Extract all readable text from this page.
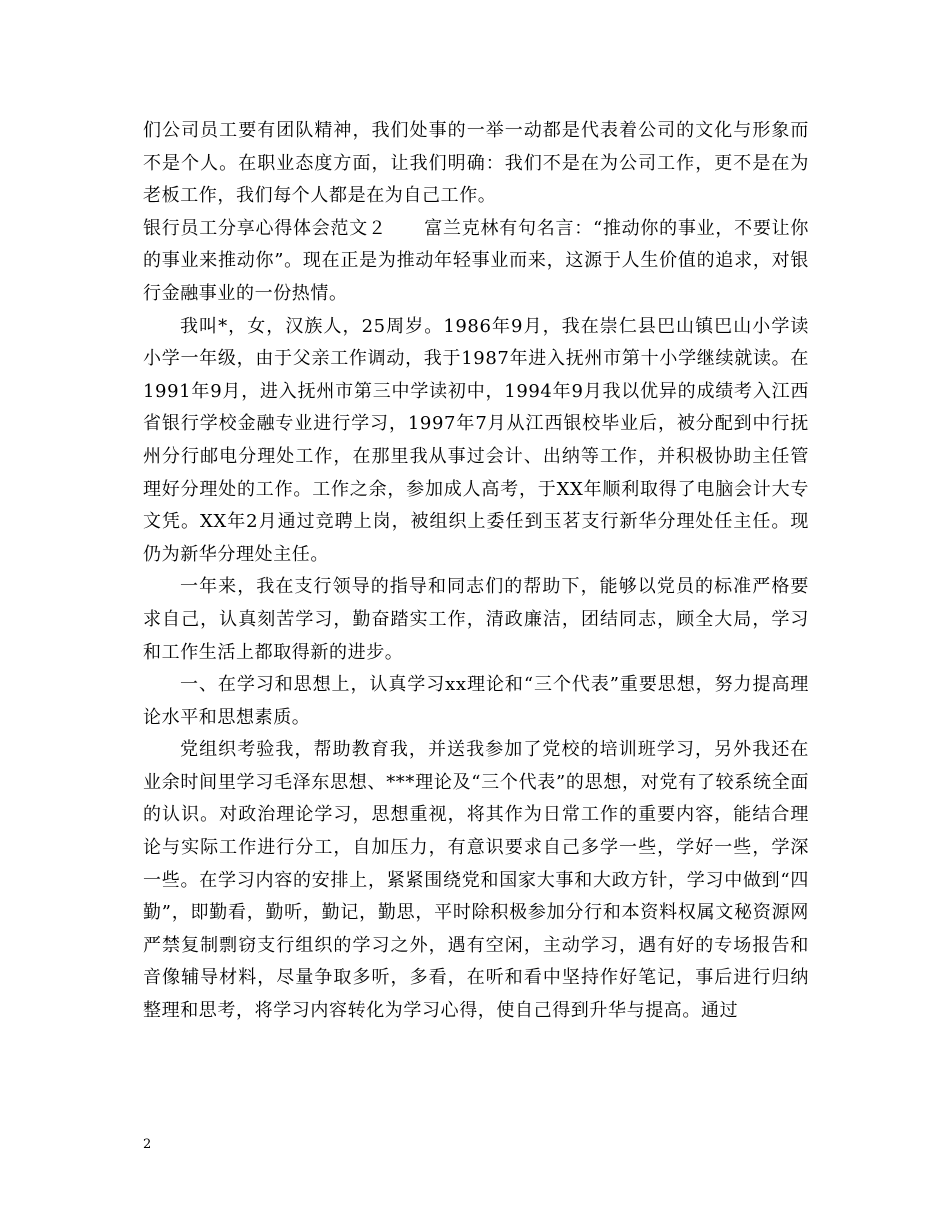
们公司员工要有团队精神，我们处事的一举一动都是代表着公司的文化与形象而不是个人。在职业态度方面，让我们明确：我们不是在为公司工作，更不是在为老板工作，我们每个人都是在为自己工作。

银行员工分享心得体会范文２　　富兰克林有句名言：“推动你的事业，不要让你的事业来推动你”。现在正是为推动年轻事业而来，这源于人生价值的追求，对银行金融事业的一份热情。

我叫*，女，汉族人，25周岁。1986年9月，我在崇仁县巴山镇巴山小学读小学一年级，由于父亲工作调动，我于1987年进入抚州市第十小学继续就读。在1991年9月，进入抚州市第三中学读初中，1994年9月我以优异的成绩考入江西省银行学校金融专业进行学习，1997年7月从江西银校毕业后，被分配到中行抚州分行邮电分理处工作，在那里我从事过会计、出纳等工作，并积极协助主任管理好分理处的工作。工作之余，参加成人高考，于XX年顺利取得了电脑会计大专文凭。XX年2月通过竞聘上岗，被组织上委任到玉茗支行新华分理处任主任。现仍为新华分理处主任。

一年来，我在支行领导的指导和同志们的帮助下，能够以党员的标准严格要求自己，认真刻苦学习，勤奋踏实工作，清政廉洁，团结同志，顾全大局，学习和工作生活上都取得新的进步。

一、在学习和思想上，认真学习xx理论和“三个代表”重要思想，努力提高理论水平和思想素质。

党组织考验我，帮助教育我，并送我参加了党校的培训班学习，另外我还在业余时间里学习毛泽东思想、***理论及“三个代表”的思想，对党有了较系统全面的认识。对政治理论学习，思想重视，将其作为日常工作的重要内容，能结合理论与实际工作进行分工，自加压力，有意识要求自己多学一些，学好一些，学深一些。在学习内容的安排上，紧紧围绕党和国家大事和大政方针，学习中做到“四勤”，即勤看，勤听，勤记，勤思，平时除积极参加分行和本资料权属文秘资源网严禁复制剽窃支行组织的学习之外，遇有空闲，主动学习，遇有好的专场报告和音像辅导材料，尽量争取多听，多看，在听和看中坚持作好笔记，事后进行归纳整理和思考，将学习内容转化为学习心得，使自己得到升华与提高。通过

2
